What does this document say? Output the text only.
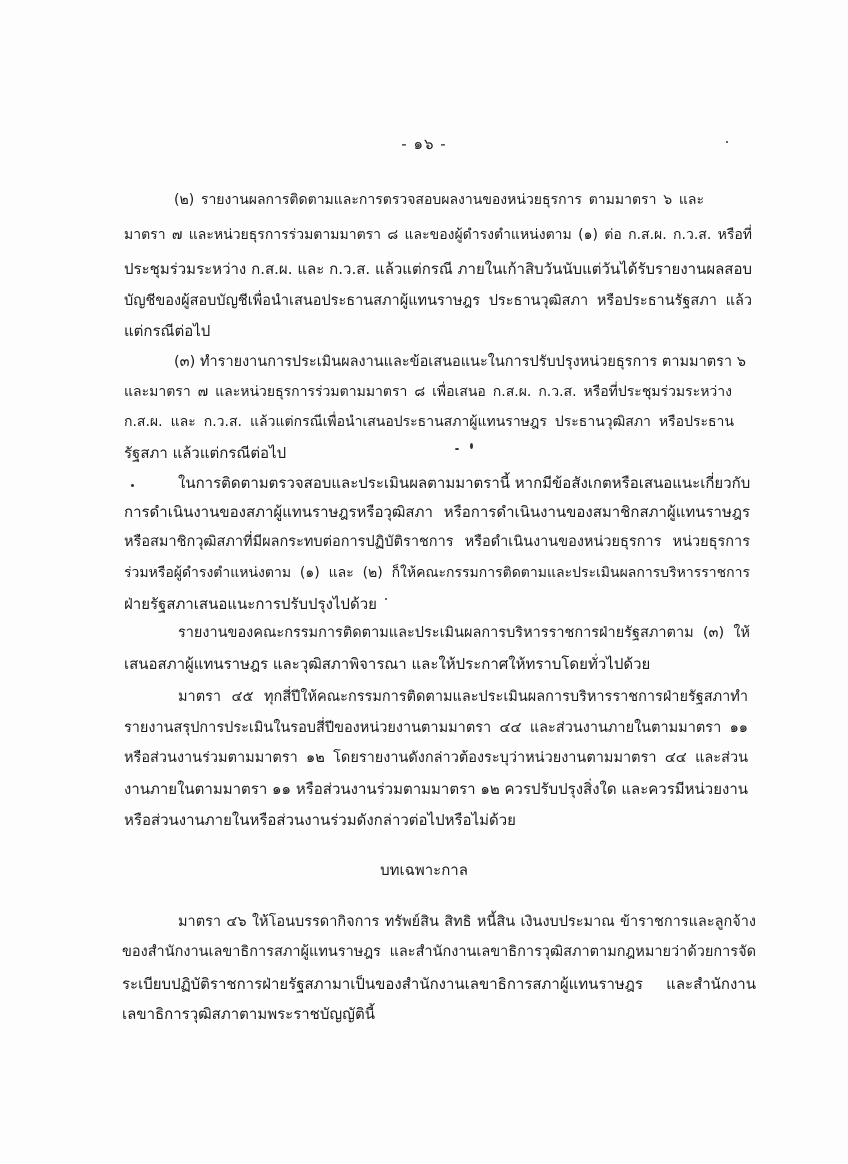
- ๑๖ -
(๒) รายงานผลการติดตามและการตรวจสอบผลงานของหน่วยธุรการ ตามมาตรา ๖ และ
มาตรา ๗ และหน่วยธุรการร่วมตามมาตรา ๘ และของผู้ดำรงตำแหน่งตาม (๑) ต่อ ก.ส.ผ. ก.ว.ส. หรือที่
ประชุมร่วมระหว่าง ก.ส.ผ. และ ก.ว.ส. แล้วแต่กรณี ภายในเก้าสิบวันนับแต่วันได้รับรายงานผลสอบ
บัญชีของผู้สอบบัญชีเพื่อนำเสนอประธานสภาผู้แทนราษฎร ประธานวุฒิสภา หรือประธานรัฐสภา แล้ว
แต่กรณีต่อไป
(๓) ทำรายงานการประเมินผลงานและข้อเสนอแนะในการปรับปรุงหน่วยธุรการ ตามมาตรา ๖
และมาตรา ๗ และหน่วยธุรการร่วมตามมาตรา ๘ เพื่อเสนอ ก.ส.ผ. ก.ว.ส. หรือที่ประชุมร่วมระหว่าง
ก.ส.ผ. และ ก.ว.ส. แล้วแต่กรณีเพื่อนำเสนอประธานสภาผู้แทนราษฎร ประธานวุฒิสภา หรือประธาน
รัฐสภา แล้วแต่กรณีต่อไป
ในการติดตามตรวจสอบและประเมินผลตามมาตรานี้ หากมีข้อสังเกตหรือเสนอแนะเกี่ยวกับ
การดำเนินงานของสภาผู้แทนราษฎรหรือวุฒิสภา หรือการดำเนินงานของสมาชิกสภาผู้แทนราษฎร
หรือสมาชิกวุฒิสภาที่มีผลกระทบต่อการปฏิบัติราชการ หรือดำเนินงานของหน่วยธุรการ หน่วยธุรการ
ร่วมหรือผู้ดำรงตำแหน่งตาม (๑) และ (๒) ก็ให้คณะกรรมการติดตามและประเมินผลการบริหารราชการ
ฝ่ายรัฐสภาเสนอแนะการปรับปรุงไปด้วย
รายงานของคณะกรรมการติดตามและประเมินผลการบริหารราชการฝ่ายรัฐสภาตาม (๓) ให้
เสนอสภาผู้แทนราษฎร และวุฒิสภาพิจารณา และให้ประกาศให้ทราบโดยทั่วไปด้วย
มาตรา ๔๕ ทุกสี่ปีให้คณะกรรมการติดตามและประเมินผลการบริหารราชการฝ่ายรัฐสภาทำ
รายงานสรุปการประเมินในรอบสี่ปีของหน่วยงานตามมาตรา ๔๔ และส่วนงานภายในตามมาตรา ๑๑
หรือส่วนงานร่วมตามมาตรา ๑๒ โดยรายงานดังกล่าวต้องระบุว่าหน่วยงานตามมาตรา ๔๔ และส่วน
งานภายในตามมาตรา ๑๑ หรือส่วนงานร่วมตามมาตรา ๑๒ ควรปรับปรุงสิ่งใด และควรมีหน่วยงาน
หรือส่วนงานภายในหรือส่วนงานร่วมดังกล่าวต่อไปหรือไม่ด้วย
บทเฉพาะกาล
มาตรา ๔๖ ให้โอนบรรดากิจการ ทรัพย์สิน สิทธิ หนี้สิน เงินงบประมาณ ข้าราชการและลูกจ้าง
ของสำนักงานเลขาธิการสภาผู้แทนราษฎร และสำนักงานเลขาธิการวุฒิสภาตามกฎหมายว่าด้วยการจัด
ระเบียบปฏิบัติราชการฝ่ายรัฐสภามาเป็นของสำนักงานเลขาธิการสภาผู้แทนราษฎร และสำนักงาน
เลขาธิการวุฒิสภาตามพระราชบัญญัตินี้
